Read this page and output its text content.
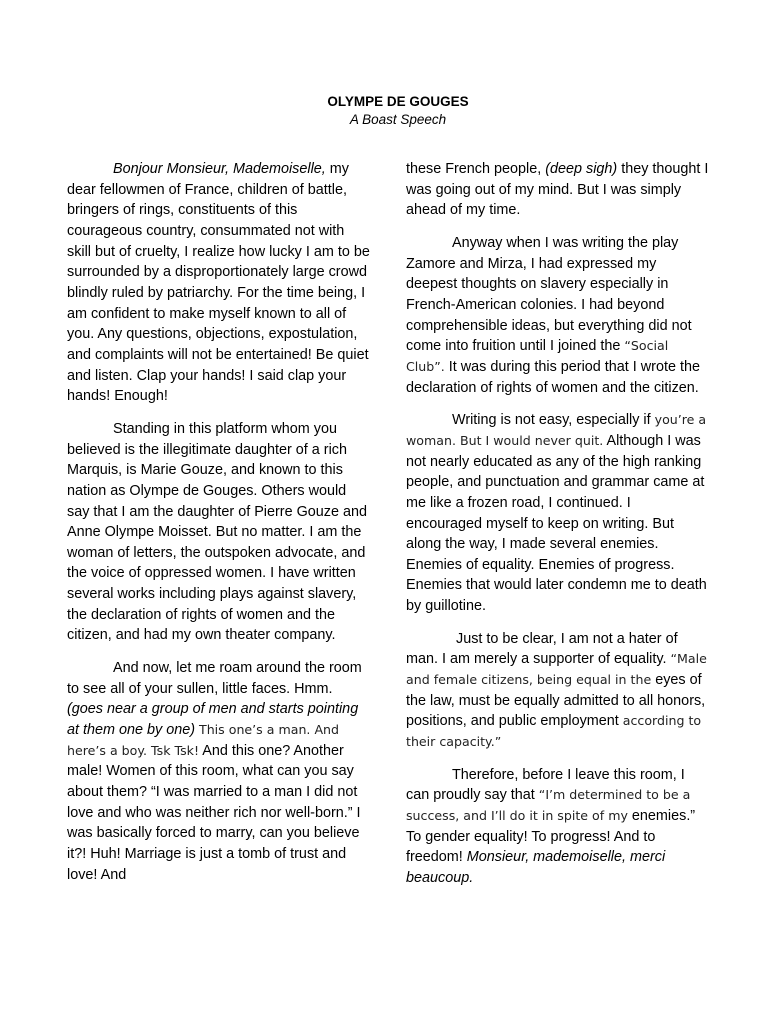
OLYMPE DE GOUGES
A Boast Speech

Bonjour Monsieur, Mademoiselle, my dear fellowmen of France, children of battle, bringers of rings, constituents of this courageous country, consummated not with skill but of cruelty, I realize how lucky I am to be surrounded by a disproportionately large crowd blindly ruled by patriarchy. For the time being, I am confident to make myself known to all of you. Any questions, objections, expostulation, and complaints will not be entertained! Be quiet and listen. Clap your hands! I said clap your hands! Enough!

Standing in this platform whom you believed is the illegitimate daughter of a rich Marquis, is Marie Gouze, and known to this nation as Olympe de Gouges. Others would say that I am the daughter of Pierre Gouze and Anne Olympe Moisset. But no matter. I am the woman of letters, the outspoken advocate, and the voice of oppressed women. I have written several works including plays against slavery, the declaration of rights of women and the citizen, and had my own theater company.

And now, let me roam around the room to see all of your sullen, little faces. Hmm. (goes near a group of men and starts pointing at them one by one) This one’s a man. And here’s a boy. Tsk Tsk! And this one? Another male! Women of this room, what can you say about them? “I was married to a man I did not love and who was neither rich nor well-born.” I was basically forced to marry, can you believe it?! Huh! Marriage is just a tomb of trust and love! And

these French people, (deep sigh) they thought I was going out of my mind. But I was simply ahead of my time.

Anyway when I was writing the play Zamore and Mirza, I had expressed my deepest thoughts on slavery especially in French-American colonies. I had beyond comprehensible ideas, but everything did not come into fruition until I joined the “Social Club”. It was during this period that I wrote the declaration of rights of women and the citizen.

Writing is not easy, especially if you’re a woman. But I would never quit. Although I was not nearly educated as any of the high ranking people, and punctuation and grammar came at me like a frozen road, I continued. I encouraged myself to keep on writing. But along the way, I made several enemies. Enemies of equality. Enemies of progress. Enemies that would later condemn me to death by guillotine.

Just to be clear, I am not a hater of man. I am merely a supporter of equality. “Male and female citizens, being equal in the eyes of the law, must be equally admitted to all honors, positions, and public employment according to their capacity.”

Therefore, before I leave this room, I can proudly say that “I’m determined to be a success, and I’ll do it in spite of my enemies.” To gender equality! To progress! And to freedom! Monsieur, mademoiselle, merci beaucoup.
